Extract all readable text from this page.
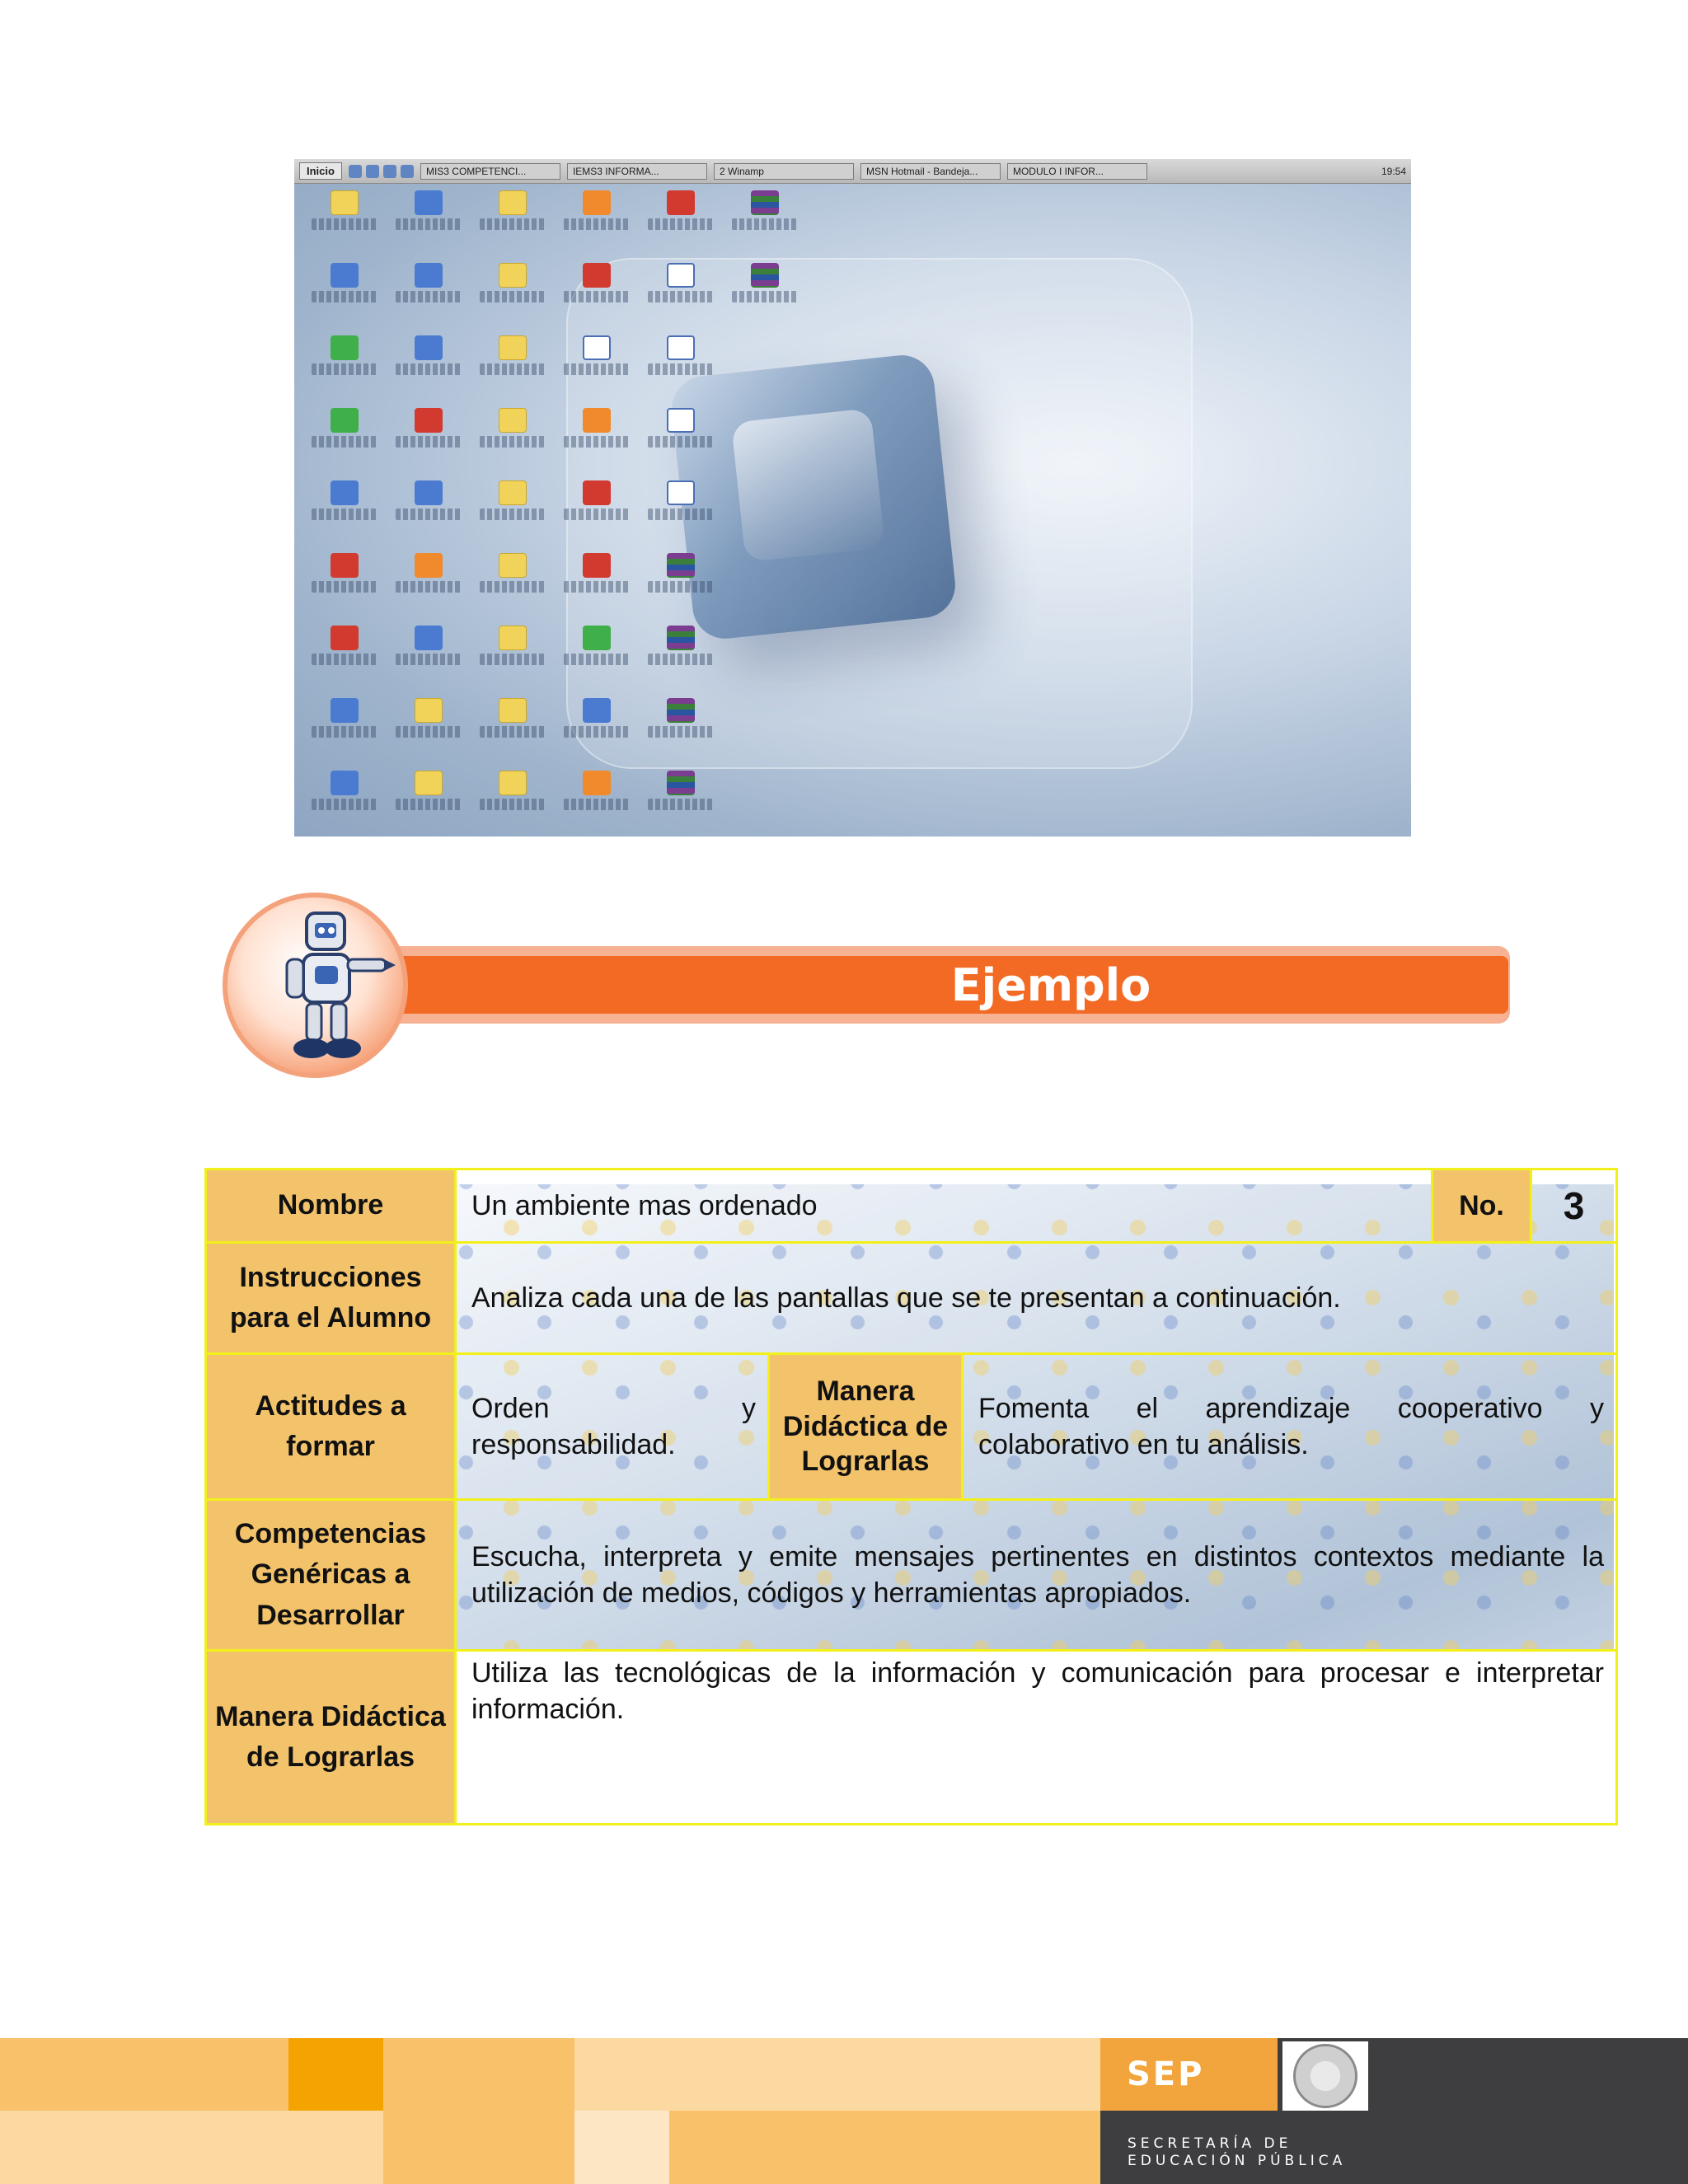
Inicio	MIS3 COMPETENCI...	IEMS3 INFORMA...	2 Winamp	MSN Hotmail - Bandeja...	MODULO I INFOR...	19:54
Ejemplo
Nombre	Un ambiente mas ordenado			No.	3
Instrucciones para el Alumno	Analiza cada una de las pantallas que se te presentan a continuación.				
Actitudes a formar	Orden y responsabilidad.	Manera Didáctica de Lograrlas	Fomenta el aprendizaje cooperativo y colaborativo en tu análisis.		
Competencias Genéricas a Desarrollar	Escucha, interpreta y emite mensajes pertinentes en distintos contextos mediante la utilización de medios, códigos y herramientas apropiados.				
Manera Didáctica de Lograrlas	Utiliza las tecnológicas de la información y comunicación para procesar e interpretar información.				
SEP
SECRETARÍA DE
EDUCACIÓN PÚBLICA
